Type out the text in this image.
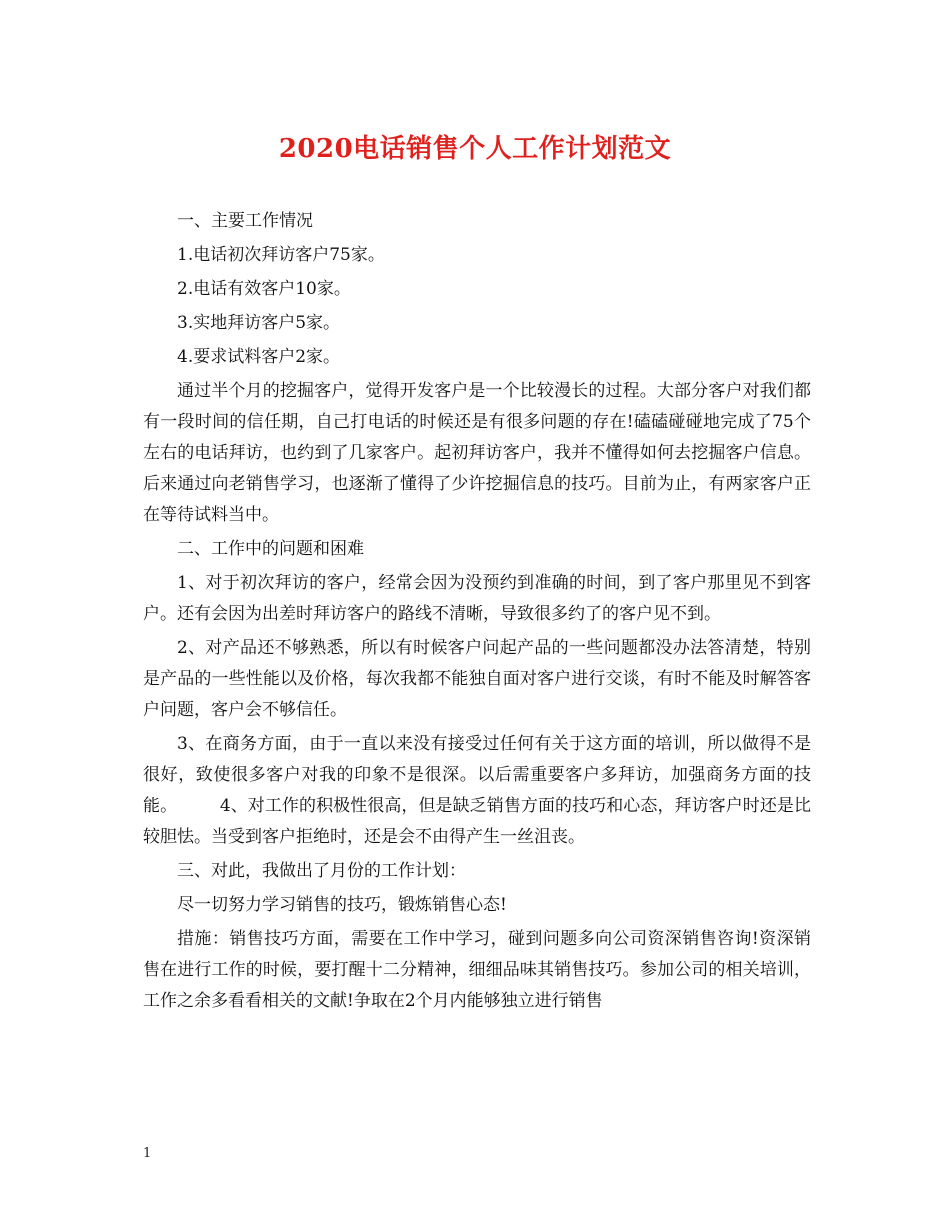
2020电话销售个人工作计划范文

一、主要工作情况

1.电话初次拜访客户75家。

2.电话有效客户10家。

3.实地拜访客户5家。

4.要求试料客户2家。

通过半个月的挖掘客户，觉得开发客户是一个比较漫长的过程。大部分客户对我们都有一段时间的信任期，自己打电话的时候还是有很多问题的存在!磕磕碰碰地完成了75个左右的电话拜访，也约到了几家客户。起初拜访客户，我并不懂得如何去挖掘客户信息。后来通过向老销售学习，也逐渐了懂得了少许挖掘信息的技巧。目前为止，有两家客户正在等待试料当中。

二、工作中的问题和困难

1、对于初次拜访的客户，经常会因为没预约到准确的时间，到了客户那里见不到客户。还有会因为出差时拜访客户的路线不清晰，导致很多约了的客户见不到。

2、对产品还不够熟悉，所以有时候客户问起产品的一些问题都没办法答清楚，特别是产品的一些性能以及价格，每次我都不能独自面对客户进行交谈，有时不能及时解答客户问题，客户会不够信任。

3、在商务方面，由于一直以来没有接受过任何有关于这方面的培训，所以做得不是很好，致使很多客户对我的印象不是很深。以后需重要客户多拜访，加强商务方面的技能。　　　4、对工作的积极性很高，但是缺乏销售方面的技巧和心态，拜访客户时还是比较胆怯。当受到客户拒绝时，还是会不由得产生一丝沮丧。

三、对此，我做出了月份的工作计划：

尽一切努力学习销售的技巧，锻炼销售心态!

措施：销售技巧方面，需要在工作中学习，碰到问题多向公司资深销售咨询!资深销售在进行工作的时候，要打醒十二分精神，细细品味其销售技巧。参加公司的相关培训，工作之余多看看相关的文献!争取在2个月内能够独立进行销售

1
